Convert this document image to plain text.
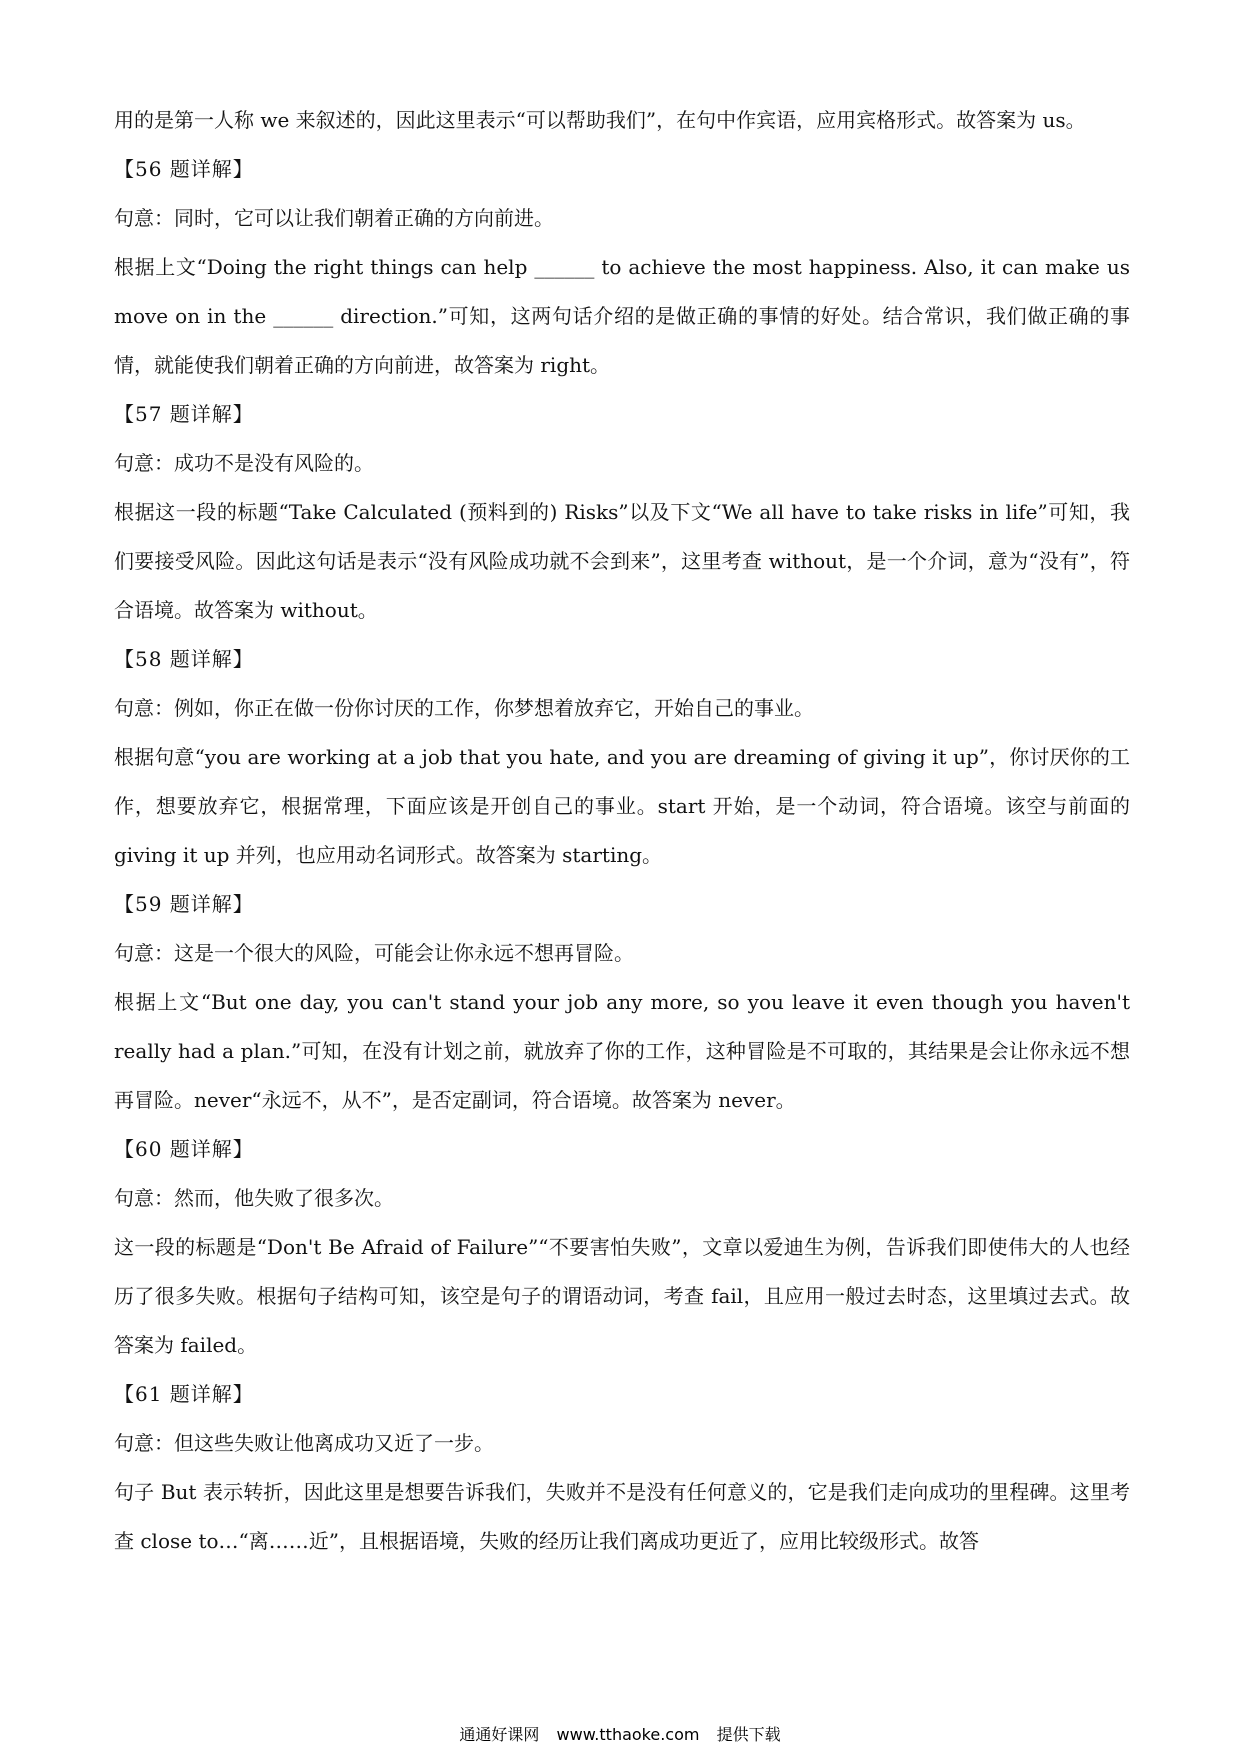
用的是第一人称 we 来叙述的，因此这里表示“可以帮助我们”，在句中作宾语，应用宾格形式。故答案为 us。

【56 题详解】

句意：同时，它可以让我们朝着正确的方向前进。

根据上文“Doing the right things can help ______ to achieve the most happiness. Also, it can make us move on in the ______ direction.”可知，这两句话介绍的是做正确的事情的好处。结合常识，我们做正确的事情，就能使我们朝着正确的方向前进，故答案为 right。

【57 题详解】

句意：成功不是没有风险的。

根据这一段的标题“Take Calculated (预料到的) Risks”以及下文“We all have to take risks in life”可知，我们要接受风险。因此这句话是表示“没有风险成功就不会到来”，这里考查 without，是一个介词，意为“没有”，符合语境。故答案为 without。

【58 题详解】

句意：例如，你正在做一份你讨厌的工作，你梦想着放弃它，开始自己的事业。

根据句意“you are working at a job that you hate, and you are dreaming of giving it up”，你讨厌你的工作，想要放弃它，根据常理，下面应该是开创自己的事业。start 开始，是一个动词，符合语境。该空与前面的 giving it up 并列，也应用动名词形式。故答案为 starting。

【59 题详解】

句意：这是一个很大的风险，可能会让你永远不想再冒险。

根据上文“But one day, you can't stand your job any more, so you leave it even though you haven't really had a plan.”可知，在没有计划之前，就放弃了你的工作，这种冒险是不可取的，其结果是会让你永远不想再冒险。never“永远不，从不”，是否定副词，符合语境。故答案为 never。

【60 题详解】

句意：然而，他失败了很多次。

这一段的标题是“Don't Be Afraid of Failure”“不要害怕失败”，文章以爱迪生为例，告诉我们即使伟大的人也经历了很多失败。根据句子结构可知，该空是句子的谓语动词，考查 fail，且应用一般过去时态，这里填过去式。故答案为 failed。

【61 题详解】

句意：但这些失败让他离成功又近了一步。

句子 But 表示转折，因此这里是想要告诉我们，失败并不是没有任何意义的，它是我们走向成功的里程碑。这里考查 close to…“离……近”，且根据语境，失败的经历让我们离成功更近了，应用比较级形式。故答

通通好课网 www.tthaoke.com 提供下载
